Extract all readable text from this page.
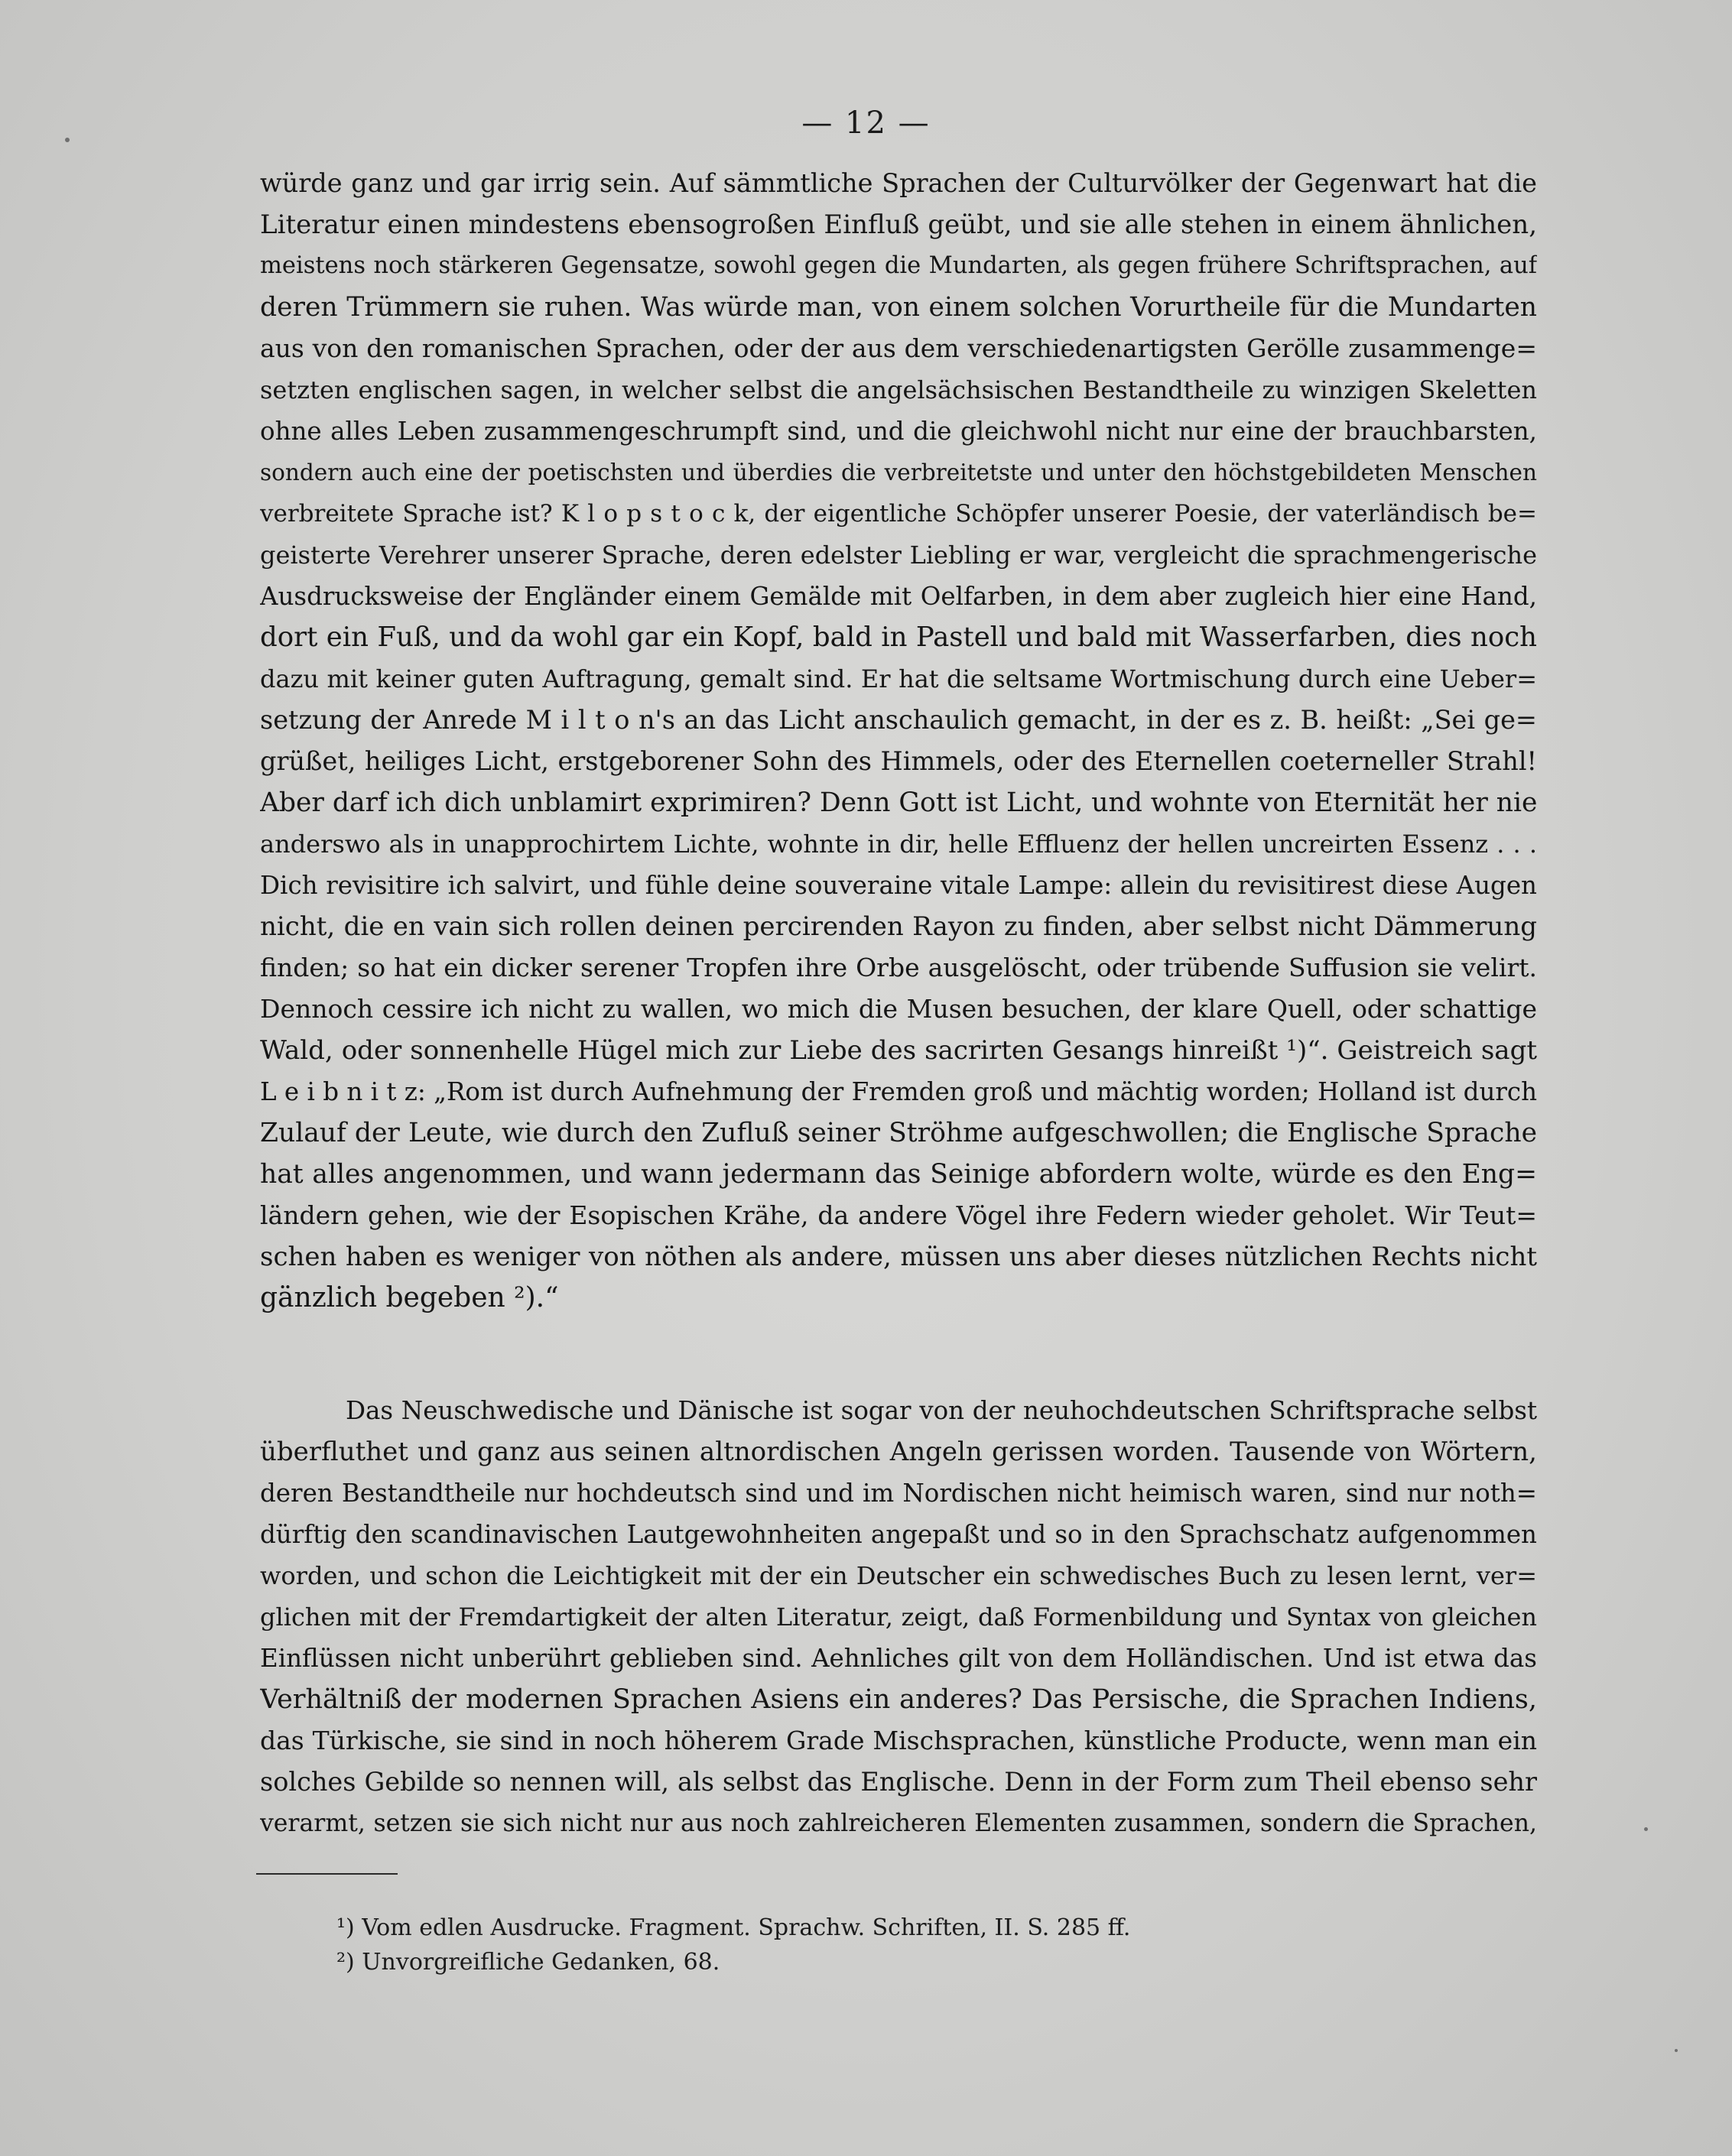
— 12 —
würde ganz und gar irrig sein. Auf sämmtliche Sprachen der Culturvölker der Gegenwart hat die
Literatur einen mindestens ebensogroßen Einfluß geübt, und sie alle stehen in einem ähnlichen,
meistens noch stärkeren Gegensatze, sowohl gegen die Mundarten, als gegen frühere Schriftsprachen, auf
deren Trümmern sie ruhen. Was würde man, von einem solchen Vorurtheile für die Mundarten
aus von den romanischen Sprachen, oder der aus dem verschiedenartigsten Gerölle zusammenge=
setzten englischen sagen, in welcher selbst die angelsächsischen Bestandtheile zu winzigen Skeletten
ohne alles Leben zusammengeschrumpft sind, und die gleichwohl nicht nur eine der brauchbarsten,
sondern auch eine der poetischsten und überdies die verbreitetste und unter den höchstgebildeten Menschen
verbreitete Sprache ist? K l o p s t o c k, der eigentliche Schöpfer unserer Poesie, der vaterländisch be=
geisterte Verehrer unserer Sprache, deren edelster Liebling er war, vergleicht die sprachmengerische
Ausdrucksweise der Engländer einem Gemälde mit Oelfarben, in dem aber zugleich hier eine Hand,
dort ein Fuß, und da wohl gar ein Kopf, bald in Pastell und bald mit Wasserfarben, dies noch
dazu mit keiner guten Auftragung, gemalt sind. Er hat die seltsame Wortmischung durch eine Ueber=
setzung der Anrede M i l t o n's an das Licht anschaulich gemacht, in der es z. B. heißt: „Sei ge=
grüßet, heiliges Licht, erstgeborener Sohn des Himmels, oder des Eternellen coeterneller Strahl!
Aber darf ich dich unblamirt exprimiren? Denn Gott ist Licht, und wohnte von Eternität her nie
anderswo als in unapprochirtem Lichte, wohnte in dir, helle Effluenz der hellen uncreirten Essenz . . .
Dich revisitire ich salvirt, und fühle deine souveraine vitale Lampe: allein du revisitirest diese Augen
nicht, die en vain sich rollen deinen percirenden Rayon zu finden, aber selbst nicht Dämmerung
finden; so hat ein dicker serener Tropfen ihre Orbe ausgelöscht, oder trübende Suffusion sie velirt.
Dennoch cessire ich nicht zu wallen, wo mich die Musen besuchen, der klare Quell, oder schattige
Wald, oder sonnenhelle Hügel mich zur Liebe des sacrirten Gesangs hinreißt ¹)“. Geistreich sagt
L e i b n i t z: „Rom ist durch Aufnehmung der Fremden groß und mächtig worden; Holland ist durch
Zulauf der Leute, wie durch den Zufluß seiner Ströhme aufgeschwollen; die Englische Sprache
hat alles angenommen, und wann jedermann das Seinige abfordern wolte, würde es den Eng=
ländern gehen, wie der Esopischen Krähe, da andere Vögel ihre Federn wieder geholet. Wir Teut=
schen haben es weniger von nöthen als andere, müssen uns aber dieses nützlichen Rechts nicht
gänzlich begeben ²).“
Das Neuschwedische und Dänische ist sogar von der neuhochdeutschen Schriftsprache selbst
überfluthet und ganz aus seinen altnordischen Angeln gerissen worden. Tausende von Wörtern,
deren Bestandtheile nur hochdeutsch sind und im Nordischen nicht heimisch waren, sind nur noth=
dürftig den scandinavischen Lautgewohnheiten angepaßt und so in den Sprachschatz aufgenommen
worden, und schon die Leichtigkeit mit der ein Deutscher ein schwedisches Buch zu lesen lernt, ver=
glichen mit der Fremdartigkeit der alten Literatur, zeigt, daß Formenbildung und Syntax von gleichen
Einflüssen nicht unberührt geblieben sind. Aehnliches gilt von dem Holländischen. Und ist etwa das
Verhältniß der modernen Sprachen Asiens ein anderes? Das Persische, die Sprachen Indiens,
das Türkische, sie sind in noch höherem Grade Mischsprachen, künstliche Producte, wenn man ein
solches Gebilde so nennen will, als selbst das Englische. Denn in der Form zum Theil ebenso sehr
verarmt, setzen sie sich nicht nur aus noch zahlreicheren Elementen zusammen, sondern die Sprachen,
¹) Vom edlen Ausdrucke. Fragment. Sprachw. Schriften, II. S. 285 ff.
²) Unvorgreifliche Gedanken, 68.
